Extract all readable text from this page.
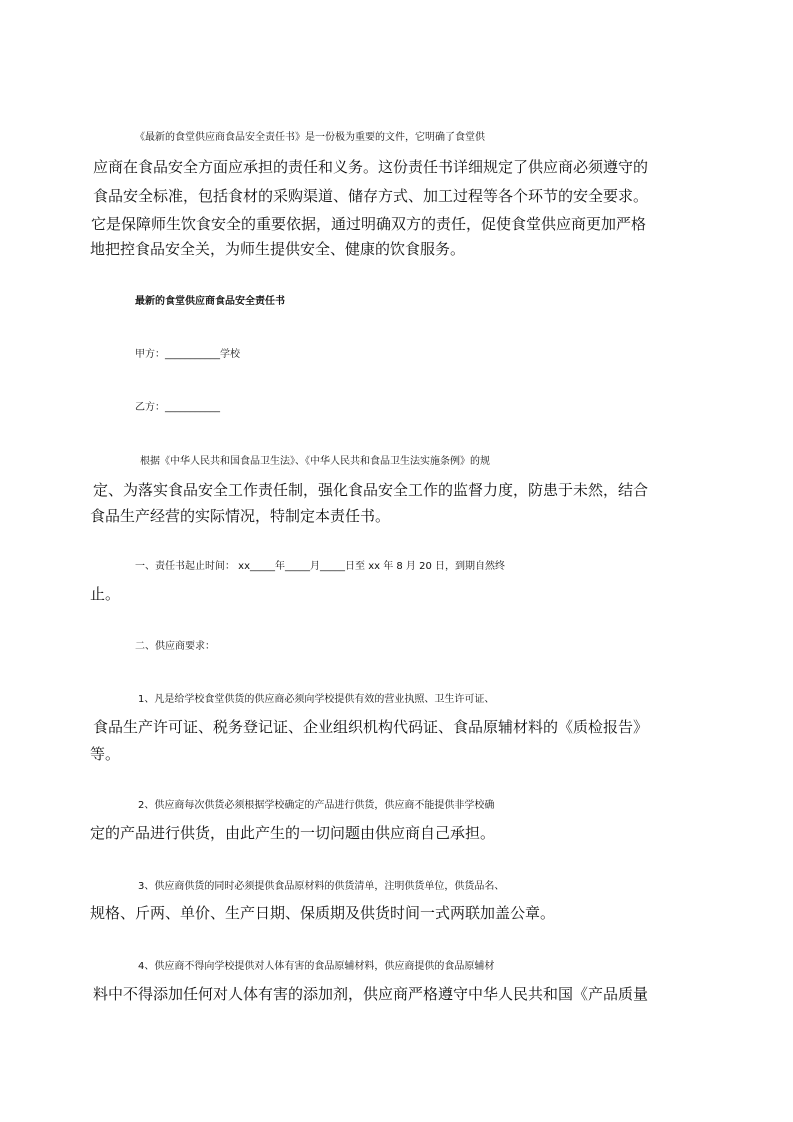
《最新的食堂供应商食品安全责任书》是一份极为重要的文件，它明确了食堂供
应商在食品安全方面应承担的责任和义务。这份责任书详细规定了供应商必须遵守的
食品安全标准，包括食材的采购渠道、储存方式、加工过程等各个环节的安全要求。
它是保障师生饮食安全的重要依据，通过明确双方的责任，促使食堂供应商更加严格
地把控食品安全关，为师生提供安全、健康的饮食服务。
最新的食堂供应商食品安全责任书
甲方：___________学校
乙方：___________
根据《中华人民共和国食品卫生法》、《中华人民共和食品卫生法实施条例》的规
定、为落实食品安全工作责任制，强化食品安全工作的监督力度，防患于未然，结合
食品生产经营的实际情况，特制定本责任书。
一、责任书起止时间： xx_____年_____月_____日至 xx 年 8 月 20 日，到期自然终
止。
二、供应商要求：
1、凡是给学校食堂供货的供应商必须向学校提供有效的营业执照、卫生许可证、
食品生产许可证、税务登记证、企业组织机构代码证、食品原辅材料的《质检报告》
等。
2、供应商每次供货必须根据学校确定的产品进行供货，供应商不能提供非学校确
定的产品进行供货，由此产生的一切问题由供应商自己承担。
3、供应商供货的同时必须提供食品原材料的供货清单，注明供货单位，供货品名、
规格、斤两、单价、生产日期、保质期及供货时间一式两联加盖公章。
4、供应商不得向学校提供对人体有害的食品原辅材料，供应商提供的食品原辅材
料中不得添加任何对人体有害的添加剂，供应商严格遵守中华人民共和国《产品质量
